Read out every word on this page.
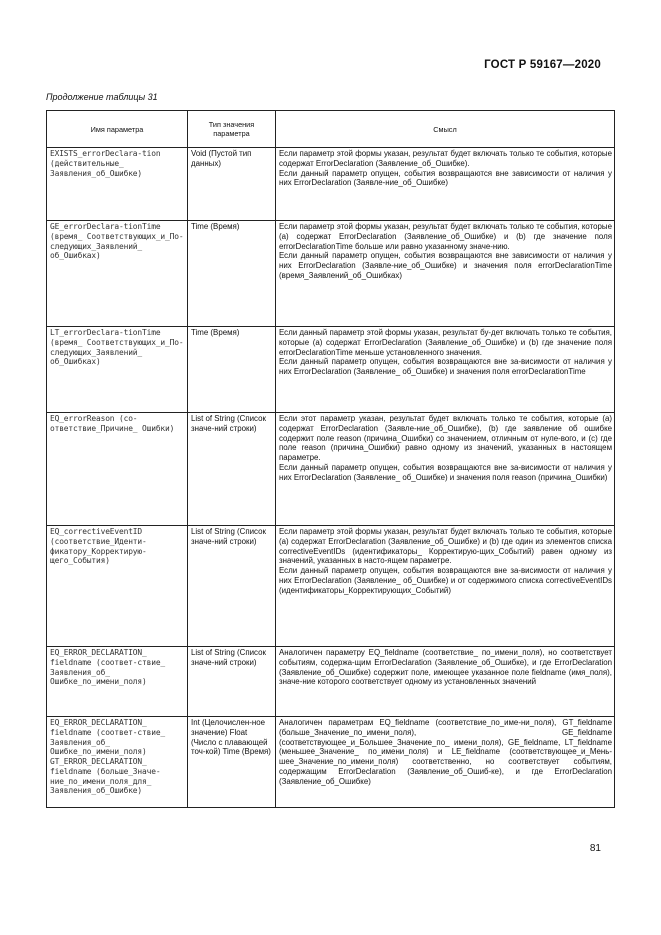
ГОСТ Р 59167—2020
Продолжение таблицы 31
Имя параметра	Тип значения параметра	Смысл
EXISTS_errorDeclara-tion (действительные_ Заявления_об_Ошибке)	Void (Пустой тип данных)	Если параметр этой формы указан, результат будет включать только те события, которые содержат ErrorDeclaration (Заявление_об_Ошибке).
Если данный параметр опущен, события возвращаются вне зависимости от наличия у них ErrorDeclaration (Заявле-ние_об_Ошибке)

GE_errorDeclara-tionTime (время_ Соответствующих_и_По-следующих_Заявлений_ об_Ошибках)	Time (Время)	Если параметр этой формы указан, результат будет включать только те события, которые (а) содержат ErrorDeclaration (Заявление_об_Ошибке) и (b) где значение поля errorDeclarationTime больше или равно указанному значе-нию.
Если данный параметр опущен, события возвращаются вне зависимости от наличия у них ErrorDeclaration (Заявле-ние_об_Ошибке) и значения поля errorDeclarationTime (время_Заявлений_об_Ошибках)

LT_errorDeclara-tionTime (время_ Соответствующих_и_По-следующих_Заявлений_ об_Ошибках)	Time (Время)	Если данный параметр этой формы указан, результат бу-дет включать только те события, которые (а) содержат ErrorDeclaration (Заявление_об_Ошибке) и (b) где значение поля errorDeclarationTime меньше установленного значения.
Если данный параметр опущен, события возвращаются вне за-висимости от наличия у них ErrorDeclaration (Заявление_ об_Ошибке) и значения поля errorDeclarationTime

EQ_errorReason (со-ответствие_Причине_ Ошибки)	List of String (Список значе-ний строки)	Если этот параметр указан, результат будет включать только те события, которые (а) содержат ErrorDeclaration (Заявле-ние_об_Ошибке), (b) где заявление об ошибке содержит поле reason (причина_Ошибки) со значением, отличным от нуле-вого, и (c) где поле reason (причина_Ошибки) равно одному из значений, указанных в настоящем параметре.
Если данный параметр опущен, события возвращаются вне за-висимости от наличия у них ErrorDeclaration (Заявление_ об_Ошибке) и значения поля reason (причина_Ошибки)

EQ_correctiveEventID (соответствие_Иденти-фикатору_Корректирую-щего_События)	List of String (Список значе-ний строки)	Если параметр этой формы указан, результат будет включать только те события, которые (а) содержат ErrorDeclaration (Заявление_об_Ошибке) и (b) где один из элементов списка correctiveEventIDs (идентификаторы_ Корректирую-щих_Событий) равен одному из значений, указанных в насто-ящем параметре.
Если данный параметр опущен, события возвращаются вне за-висимости от наличия у них ErrorDeclaration (Заявление_ об_Ошибке) и от содержимого списка correctiveEventIDs (идентификаторы_Корректирующих_Событий)

EQ_ERROR_DECLARATION_ fieldname (соответ-ствие_ Заявления_об_ Ошибке_по_имени_поля)	List of String (Список значе-ний строки)	Аналогичен параметру EQ_fieldname (соответствие_ по_имени_поля), но соответствует событиям, содержа-щим ErrorDeclaration (Заявление_об_Ошибке), и где ErrorDeclaration (Заявление_об_Ошибке) содержит поле, имеющее указанное поле fieldname (имя_поля), значе-ние которого соответствует одному из установленных значений

EQ_ERROR_DECLARATION_ fieldname (соответ-ствие_ Заявления_об_ Ошибке_по_имени_поля) GT_ERROR_DECLARATION_ fieldname (больше_Значе-ние_по_имени_поля_для_ Заявления_об_Ошибке)	Int (Целочислен-ное значение) Float (Число с плавающей точ-кой) Time (Время)	Аналогичен параметрам EQ_fieldname (соответствие_по_име-ни_поля), GT_fieldname (больше_Значение_по_имени_поля), GE_fieldname (соответствующее_и_Большее_Значение_по_ имени_поля), GE_fieldname, LT_fieldname (меньшее_Значение_ по_имени_поля) и LE_fieldname (соответствующее_и_Мень-шее_Значение_по_имени_поля) соответственно, но соответствует событиям, содержащим ErrorDeclaration (Заявление_об_Ошиб-ке), и где ErrorDeclaration (Заявление_об_Ошибке)
81
